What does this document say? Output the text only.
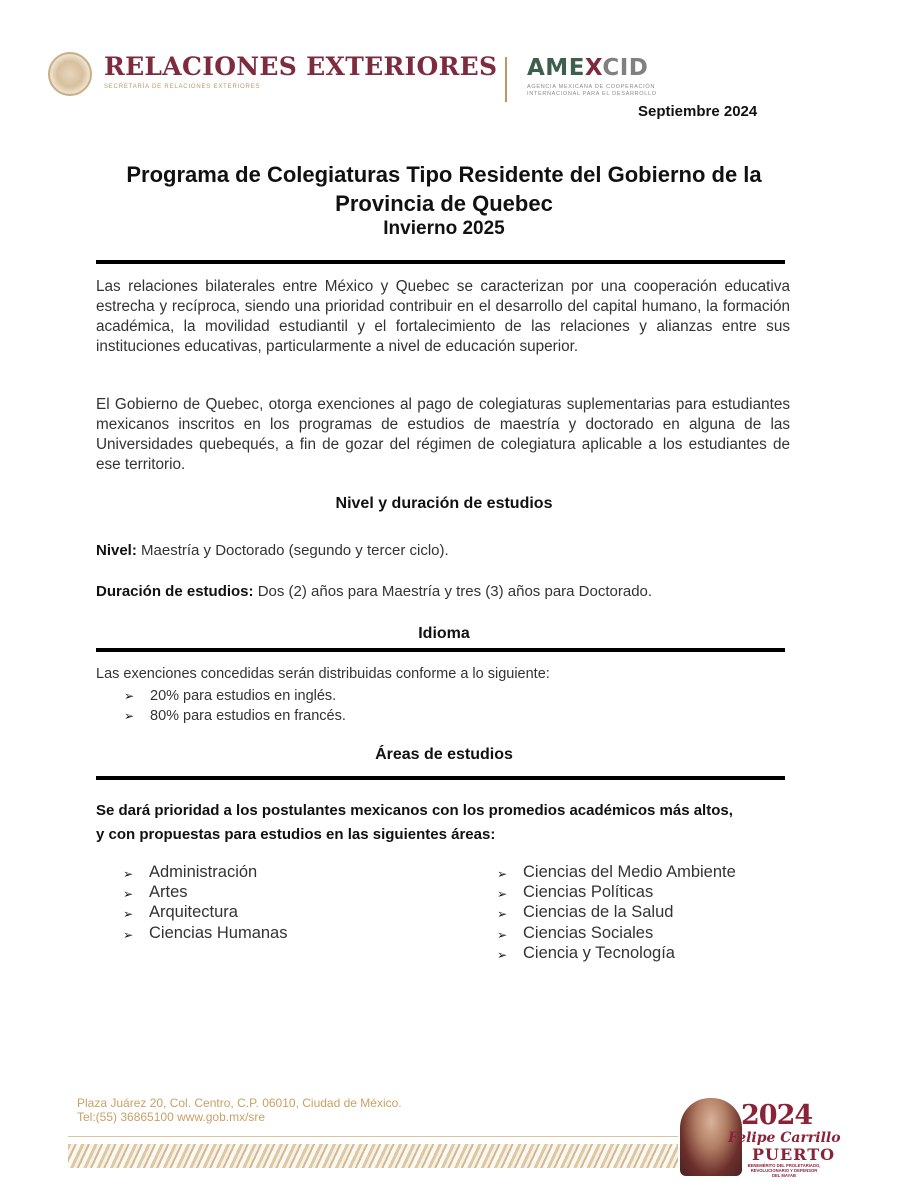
RELACIONES EXTERIORES
SECRETARÍA DE RELACIONES EXTERIORES
AMEXCID
AGENCIA MEXICANA DE COOPERACIÓN
INTERNACIONAL PARA EL DESARROLLO
Septiembre 2024
Programa de Colegiaturas Tipo Residente del Gobierno de la Provincia de Quebec
Invierno 2025
Las relaciones bilaterales entre México y Quebec se caracterizan por una cooperación educativa estrecha y recíproca, siendo una prioridad contribuir en el desarrollo del capital humano, la formación académica, la movilidad estudiantil y el fortalecimiento de las relaciones y alianzas entre sus instituciones educativas, particularmente a nivel de educación superior.
El Gobierno de Quebec, otorga exenciones al pago de colegiaturas suplementarias para estudiantes mexicanos inscritos en los programas de estudios de maestría y doctorado en alguna de las Universidades quebequés, a fin de gozar del régimen de colegiatura aplicable a los estudiantes de ese territorio.
Nivel y duración de estudios
Nivel: Maestría y Doctorado (segundo y tercer ciclo).
Duración de estudios: Dos (2) años para Maestría y tres (3) años para Doctorado.
Idioma
Las exenciones concedidas serán distribuidas conforme a lo siguiente:
➢ 20% para estudios en inglés.
➢ 80% para estudios en francés.
Áreas de estudios
Se dará prioridad a los postulantes mexicanos con los promedios académicos más altos,
y con propuestas para estudios en las siguientes áreas:
➢ Administración
➢ Artes
➢ Arquitectura
➢ Ciencias Humanas
➢ Ciencias del Medio Ambiente
➢ Ciencias Políticas
➢ Ciencias de la Salud
➢ Ciencias Sociales
➢ Ciencia y Tecnología
Plaza Juárez 20, Col. Centro, C.P. 06010, Ciudad de México.
Tel:(55) 36865100 www.gob.mx/sre	2024
Felipe Carrillo
PUERTO
BENEMÉRITO DEL PROLETARIADO,
REVOLUCIONARIO Y DEFENSOR
DEL MAYAB
